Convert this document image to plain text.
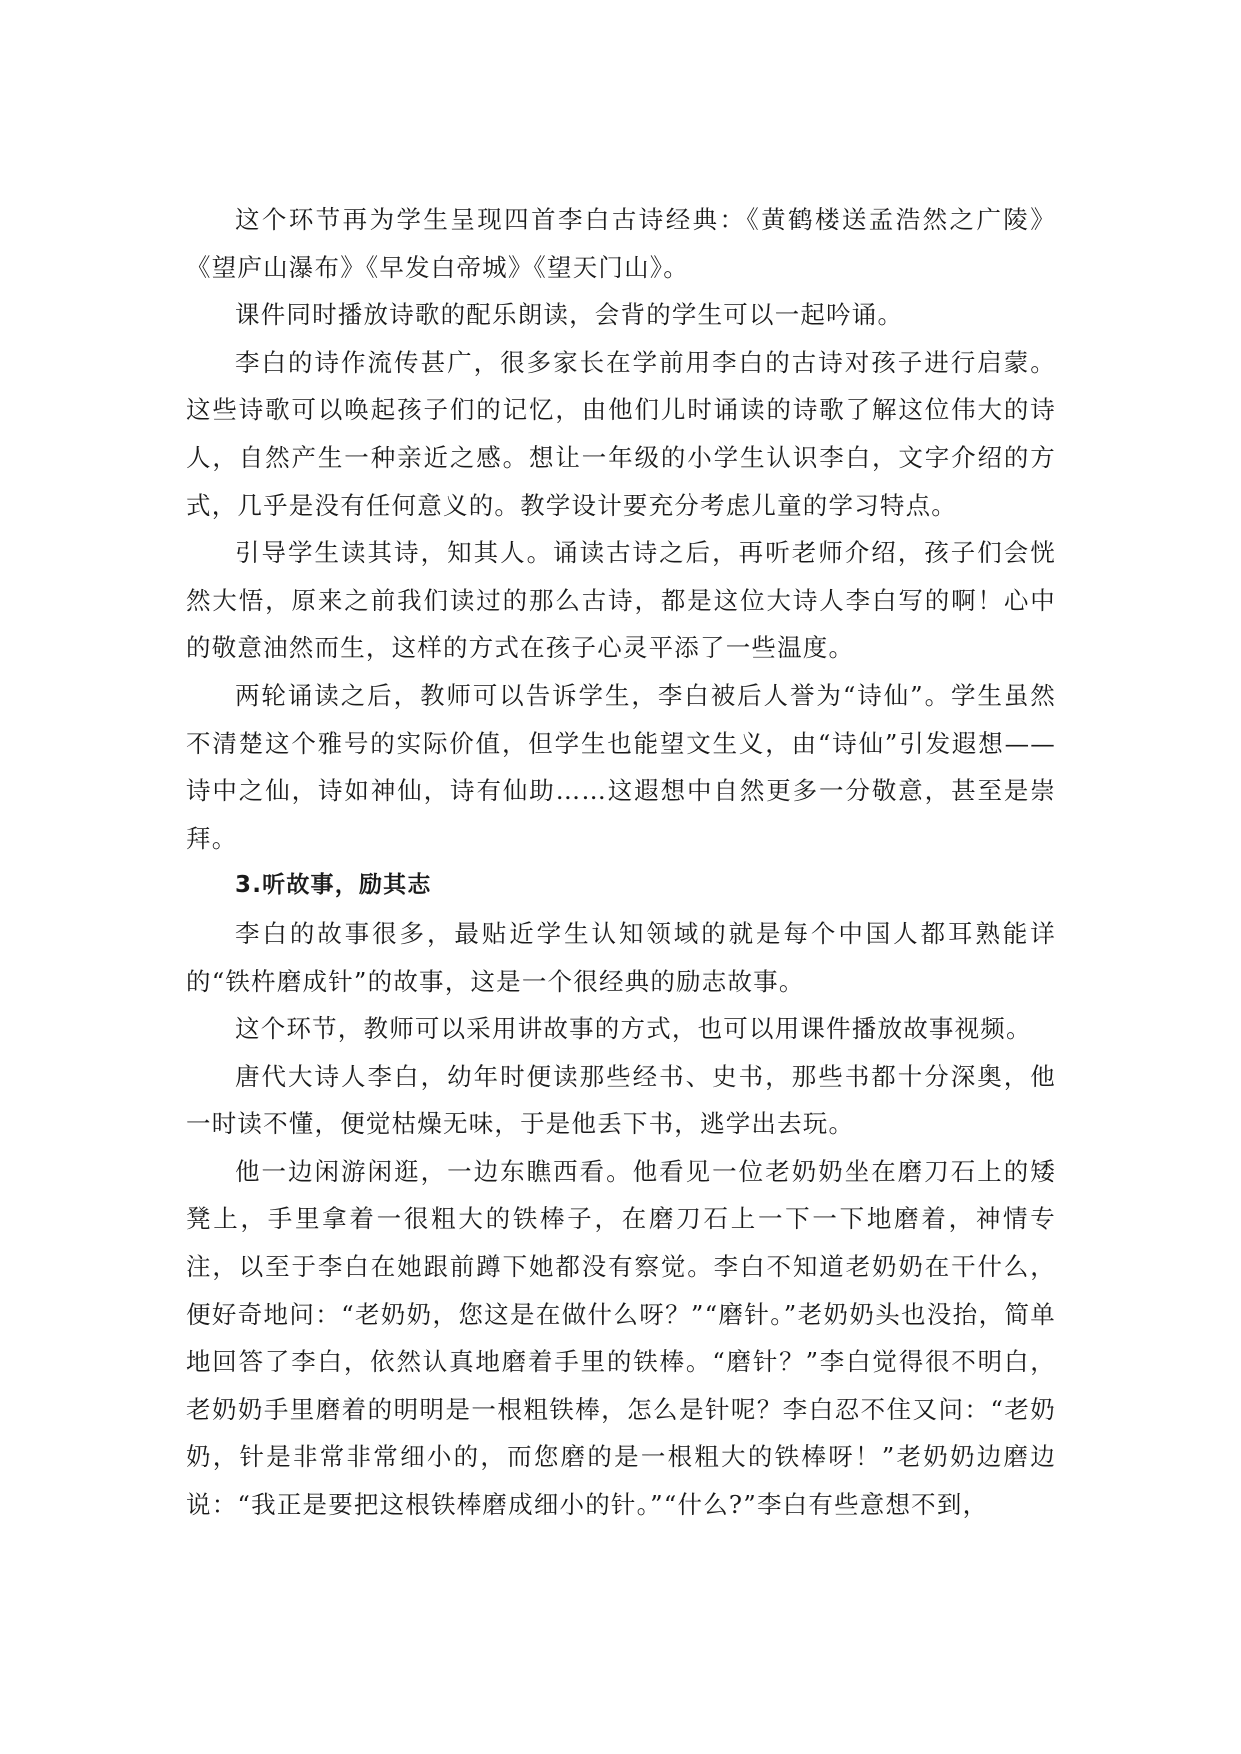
这个环节再为学生呈现四首李白古诗经典：《黄鹤楼送孟浩然之广陵》《望庐山瀑布》《早发白帝城》《望天门山》。

课件同时播放诗歌的配乐朗读，会背的学生可以一起吟诵。

李白的诗作流传甚广，很多家长在学前用李白的古诗对孩子进行启蒙。这些诗歌可以唤起孩子们的记忆，由他们儿时诵读的诗歌了解这位伟大的诗人，自然产生一种亲近之感。想让一年级的小学生认识李白，文字介绍的方式，几乎是没有任何意义的。教学设计要充分考虑儿童的学习特点。

引导学生读其诗，知其人。诵读古诗之后，再听老师介绍，孩子们会恍然大悟，原来之前我们读过的那么古诗，都是这位大诗人李白写的啊！心中的敬意油然而生，这样的方式在孩子心灵平添了一些温度。

两轮诵读之后，教师可以告诉学生，李白被后人誉为“诗仙”。学生虽然不清楚这个雅号的实际价值，但学生也能望文生义，由“诗仙”引发遐想——诗中之仙，诗如神仙，诗有仙助……这遐想中自然更多一分敬意，甚至是崇拜。

3.听故事，励其志

李白的故事很多，最贴近学生认知领域的就是每个中国人都耳熟能详的“铁杵磨成针”的故事，这是一个很经典的励志故事。

这个环节，教师可以采用讲故事的方式，也可以用课件播放故事视频。

唐代大诗人李白，幼年时便读那些经书、史书，那些书都十分深奥，他一时读不懂，便觉枯燥无味，于是他丢下书，逃学出去玩。

他一边闲游闲逛，一边东瞧西看。他看见一位老奶奶坐在磨刀石上的矮凳上，手里拿着一很粗大的铁棒子，在磨刀石上一下一下地磨着，神情专注，以至于李白在她跟前蹲下她都没有察觉。李白不知道老奶奶在干什么，便好奇地问：“老奶奶，您这是在做什么呀？”“磨针。”老奶奶头也没抬，简单地回答了李白，依然认真地磨着手里的铁棒。“磨针？”李白觉得很不明白，老奶奶手里磨着的明明是一根粗铁棒，怎么是针呢？李白忍不住又问：“老奶奶，针是非常非常细小的，而您磨的是一根粗大的铁棒呀！”老奶奶边磨边说：“我正是要把这根铁棒磨成细小的针。”“什么?”李白有些意想不到，
